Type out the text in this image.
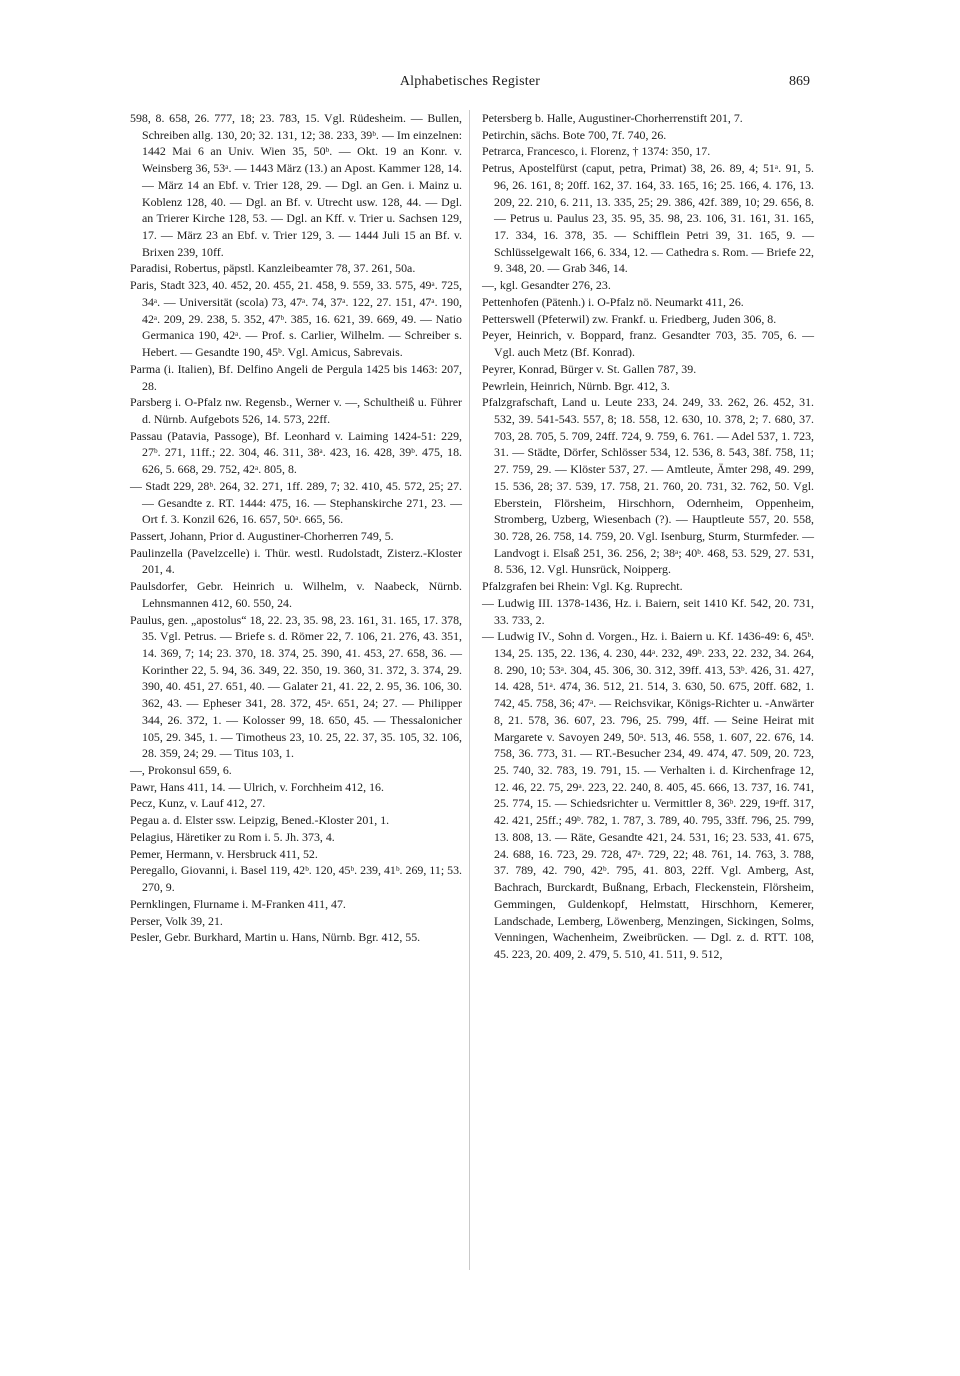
Alphabetisches Register	869

598, 8. 658, 26. 777, 18; 23. 783, 15. Vgl. Rüdesheim. — Bullen, Schreiben allg. 130, 20; 32. 131, 12; 38. 233, 39ᵇ. — Im einzelnen: 1442 Mai 6 an Univ. Wien 35, 50ᵇ. — Okt. 19 an Konr. v. Weinsberg 36, 53ᵃ. — 1443 März (13.) an Apost. Kammer 128, 14. — März 14 an Ebf. v. Trier 128, 29. — Dgl. an Gen. i. Mainz u. Koblenz 128, 40. — Dgl. an Bf. v. Utrecht usw. 128, 44. — Dgl. an Trierer Kirche 128, 53. — Dgl. an Kff. v. Trier u. Sachsen 129, 17. — März 23 an Ebf. v. Trier 129, 3. — 1444 Juli 15 an Bf. v. Brixen 239, 10ff.

Paradisi, Robertus, päpstl. Kanzleibeamter 78, 37. 261, 50a.

Paris, Stadt 323, 40. 452, 20. 455, 21. 458, 9. 559, 33. 575, 49ᵃ. 725, 34ᵃ. — Universität (scola) 73, 47ᵃ. 74, 37ᵃ. 122, 27. 151, 47ᵃ. 190, 42ᵃ. 209, 29. 238, 5. 352, 47ᵇ. 385, 16. 621, 39. 669, 49. — Natio Germanica 190, 42ᵃ. — Prof. s. Carlier, Wilhelm. — Schreiber s. Hebert. — Gesandte 190, 45ᵇ. Vgl. Amicus, Sabrevais.

Parma (i. Italien), Bf. Delfino Angeli de Pergula 1425 bis 1463: 207, 28.

Parsberg i. O-Pfalz nw. Regensb., Werner v. —, Schultheiß u. Führer d. Nürnb. Aufgebots 526, 14. 573, 22ff.

Passau (Patavia, Passoge), Bf. Leonhard v. Laiming 1424-51: 229, 27ᵇ. 271, 11ff.; 22. 304, 46. 311, 38ᵃ. 423, 16. 428, 39ᵇ. 475, 18. 626, 5. 668, 29. 752, 42ᵃ. 805, 8.

— Stadt 229, 28ᵇ. 264, 32. 271, 1ff. 289, 7; 32. 410, 45. 572, 25; 27. — Gesandte z. RT. 1444: 475, 16. — Stephanskirche 271, 23. — Ort f. 3. Konzil 626, 16. 657, 50ᵃ. 665, 56.

Passert, Johann, Prior d. Augustiner-Chorherren 749, 5.

Paulinzella (Pavelzcelle) i. Thür. westl. Rudolstadt, Zisterz.-Kloster 201, 4.

Paulsdorfer, Gebr. Heinrich u. Wilhelm, v. Naabeck, Nürnb. Lehnsmannen 412, 60. 550, 24.

Paulus, gen. „apostolus“ 18, 22. 23, 35. 98, 23. 161, 31. 165, 17. 378, 35. Vgl. Petrus. — Briefe s. d. Römer 22, 7. 106, 21. 276, 43. 351, 14. 369, 7; 14; 23. 370, 18. 374, 25. 390, 41. 453, 27. 658, 36. — Korinther 22, 5. 94, 36. 349, 22. 350, 19. 360, 31. 372, 3. 374, 29. 390, 40. 451, 27. 651, 40. — Galater 21, 41. 22, 2. 95, 36. 106, 30. 362, 43. — Epheser 341, 28. 372, 45ᵃ. 651, 24; 27. — Philipper 344, 26. 372, 1. — Kolosser 99, 18. 650, 45. — Thessalonicher 105, 29. 345, 1. — Timotheus 23, 10. 25, 22. 37, 35. 105, 32. 106, 28. 359, 24; 29. — Titus 103, 1.

—, Prokonsul 659, 6.

Pawr, Hans 411, 14. — Ulrich, v. Forchheim 412, 16.

Pecz, Kunz, v. Lauf 412, 27.

Pegau a. d. Elster ssw. Leipzig, Bened.-Kloster 201, 1.

Pelagius, Häretiker zu Rom i. 5. Jh. 373, 4.

Pemer, Hermann, v. Hersbruck 411, 52.

Peregallo, Giovanni, i. Basel 119, 42ᵇ. 120, 45ᵇ. 239, 41ᵇ. 269, 11; 53. 270, 9.

Pernklingen, Flurname i. M-Franken 411, 47.

Perser, Volk 39, 21.

Pesler, Gebr. Burkhard, Martin u. Hans, Nürnb. Bgr. 412, 55.

Petersberg b. Halle, Augustiner-Chorherrenstift 201, 7.

Petirchin, sächs. Bote 700, 7f. 740, 26.

Petrarca, Francesco, i. Florenz, † 1374: 350, 17.

Petrus, Apostelfürst (caput, petra, Primat) 38, 26. 89, 4; 51ᵃ. 91, 5. 96, 26. 161, 8; 20ff. 162, 37. 164, 33. 165, 16; 25. 166, 4. 176, 13. 209, 22. 210, 6. 211, 13. 335, 25; 29. 386, 42f. 389, 10; 29. 656, 8. — Petrus u. Paulus 23, 35. 95, 35. 98, 23. 106, 31. 161, 31. 165, 17. 334, 16. 378, 35. — Schifflein Petri 39, 31. 165, 9. — Schlüsselgewalt 166, 6. 334, 12. — Cathedra s. Rom. — Briefe 22, 9. 348, 20. — Grab 346, 14.

—, kgl. Gesandter 276, 23.

Pettenhofen (Pätenh.) i. O-Pfalz nö. Neumarkt 411, 26.

Petterswell (Pfeterwil) zw. Frankf. u. Friedberg, Juden 306, 8.

Peyer, Heinrich, v. Boppard, franz. Gesandter 703, 35. 705, 6. — Vgl. auch Metz (Bf. Konrad).

Peyrer, Konrad, Bürger v. St. Gallen 787, 39.

Pewrlein, Heinrich, Nürnb. Bgr. 412, 3.

Pfalzgrafschaft, Land u. Leute 233, 24. 249, 33. 262, 26. 452, 31. 532, 39. 541-543. 557, 8; 18. 558, 12. 630, 10. 378, 2; 7. 680, 37. 703, 28. 705, 5. 709, 24ff. 724, 9. 759, 6. 761. — Adel 537, 1. 723, 31. — Städte, Dörfer, Schlösser 534, 12. 536, 8. 543, 38f. 758, 11; 27. 759, 29. — Klöster 537, 27. — Amtleute, Ämter 298, 49. 299, 15. 536, 28; 37. 539, 17. 758, 21. 760, 20. 731, 32. 762, 50. Vgl. Eberstein, Flörsheim, Hirschhorn, Odernheim, Oppenheim, Stromberg, Uzberg, Wiesenbach (?). — Hauptleute 557, 20. 558, 30. 728, 26. 758, 14. 759, 20. Vgl. Isenburg, Sturm, Sturmfeder. — Landvogt i. Elsaß 251, 36. 256, 2; 38ᵃ; 40ᵇ. 468, 53. 529, 27. 531, 8. 536, 12. Vgl. Hunsrück, Noipperg.

Pfalzgrafen bei Rhein: Vgl. Kg. Ruprecht.

— Ludwig III. 1378-1436, Hz. i. Baiern, seit 1410 Kf. 542, 20. 731, 33. 733, 2.

— Ludwig IV., Sohn d. Vorgen., Hz. i. Baiern u. Kf. 1436-49: 6, 45ᵇ. 134, 25. 135, 22. 136, 4. 230, 44ᵃ. 232, 49ᵇ. 233, 22. 232, 34. 264, 8. 290, 10; 53ᵃ. 304, 45. 306, 30. 312, 39ff. 413, 53ᵇ. 426, 31. 427, 14. 428, 51ᵃ. 474, 36. 512, 21. 514, 3. 630, 50. 675, 20ff. 682, 1. 742, 45. 758, 36; 47ᵃ. — Reichsvikar, Königs-Richter u. -Anwärter 8, 21. 578, 36. 607, 23. 796, 25. 799, 4ff. — Seine Heirat mit Margarete v. Savoyen 249, 50ᵃ. 513, 46. 558, 1. 607, 22. 676, 14. 758, 36. 773, 31. — RT.-Besucher 234, 49. 474, 47. 509, 20. 723, 25. 740, 32. 783, 19. 791, 15. — Verhalten i. d. Kirchenfrage 12, 12. 46, 22. 75, 29ᵃ. 223, 22. 240, 8. 405, 45. 666, 13. 737, 16. 741, 25. 774, 15. — Schiedsrichter u. Vermittler 8, 36ᵇ. 229, 19ᵃff. 317, 42. 421, 25ff.; 49ᵇ. 782, 1. 787, 3. 789, 40. 795, 33ff. 796, 25. 799, 13. 808, 13. — Räte, Gesandte 421, 24. 531, 16; 23. 533, 41. 675, 24. 688, 16. 723, 29. 728, 47ᵃ. 729, 22; 48. 761, 14. 763, 3. 788, 37. 789, 42. 790, 42ᵇ. 795, 41. 803, 22ff. Vgl. Amberg, Ast, Bachrach, Burckardt, Bußnang, Erbach, Fleckenstein, Flörsheim, Gemmingen, Guldenkopf, Helmstatt, Hirschhorn, Kemerer, Landschade, Lemberg, Löwenberg, Menzingen, Sickingen, Solms, Venningen, Wachenheim, Zweibrücken. — Dgl. z. d. RTT. 108, 45. 223, 20. 409, 2. 479, 5. 510, 41. 511, 9. 512,
